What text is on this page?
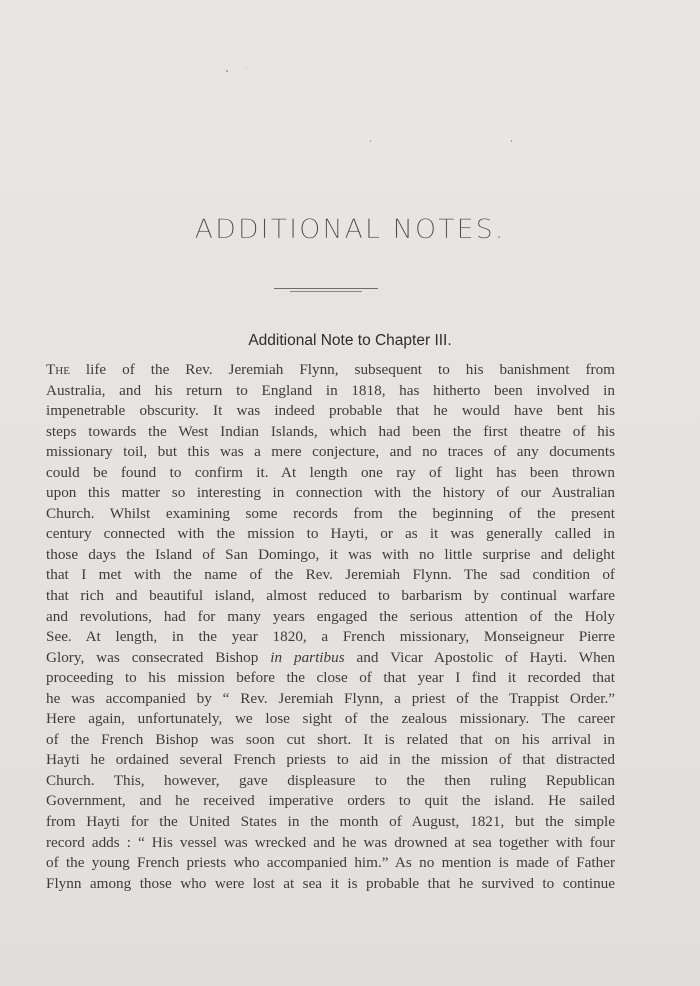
ADDITIONAL NOTES.
Additional Note to Chapter III.
The life of the Rev. Jeremiah Flynn, subsequent to his banishment from
Australia, and his return to England in 1818, has hitherto been involved in
impenetrable obscurity. It was indeed probable that he would have bent his
steps towards the West Indian Islands, which had been the first theatre of his
missionary toil, but this was a mere conjecture, and no traces of any documents
could be found to confirm it. At length one ray of light has been thrown
upon this matter so interesting in connection with the history of our Australian
Church. Whilst examining some records from the beginning of the present
century connected with the mission to Hayti, or as it was generally called in
those days the Island of San Domingo, it was with no little surprise and delight
that I met with the name of the Rev. Jeremiah Flynn. The sad condition of
that rich and beautiful island, almost reduced to barbarism by continual warfare
and revolutions, had for many years engaged the serious attention of the Holy
See. At length, in the year 1820, a French missionary, Monseigneur Pierre
Glory, was consecrated Bishop in partibus and Vicar Apostolic of Hayti. When
proceeding to his mission before the close of that year I find it recorded that
he was accompanied by “ Rev. Jeremiah Flynn, a priest of the Trappist Order.”
Here again, unfortunately, we lose sight of the zealous missionary. The career
of the French Bishop was soon cut short. It is related that on his arrival in
Hayti he ordained several French priests to aid in the mission of that distracted
Church. This, however, gave displeasure to the then ruling Republican
Government, and he received imperative orders to quit the island. He sailed
from Hayti for the United States in the month of August, 1821, but the simple
record adds : “ His vessel was wrecked and he was drowned at sea together with four
of the young French priests who accompanied him.” As no mention is made of Father
Flynn among those who were lost at sea it is probable that he survived to continue
